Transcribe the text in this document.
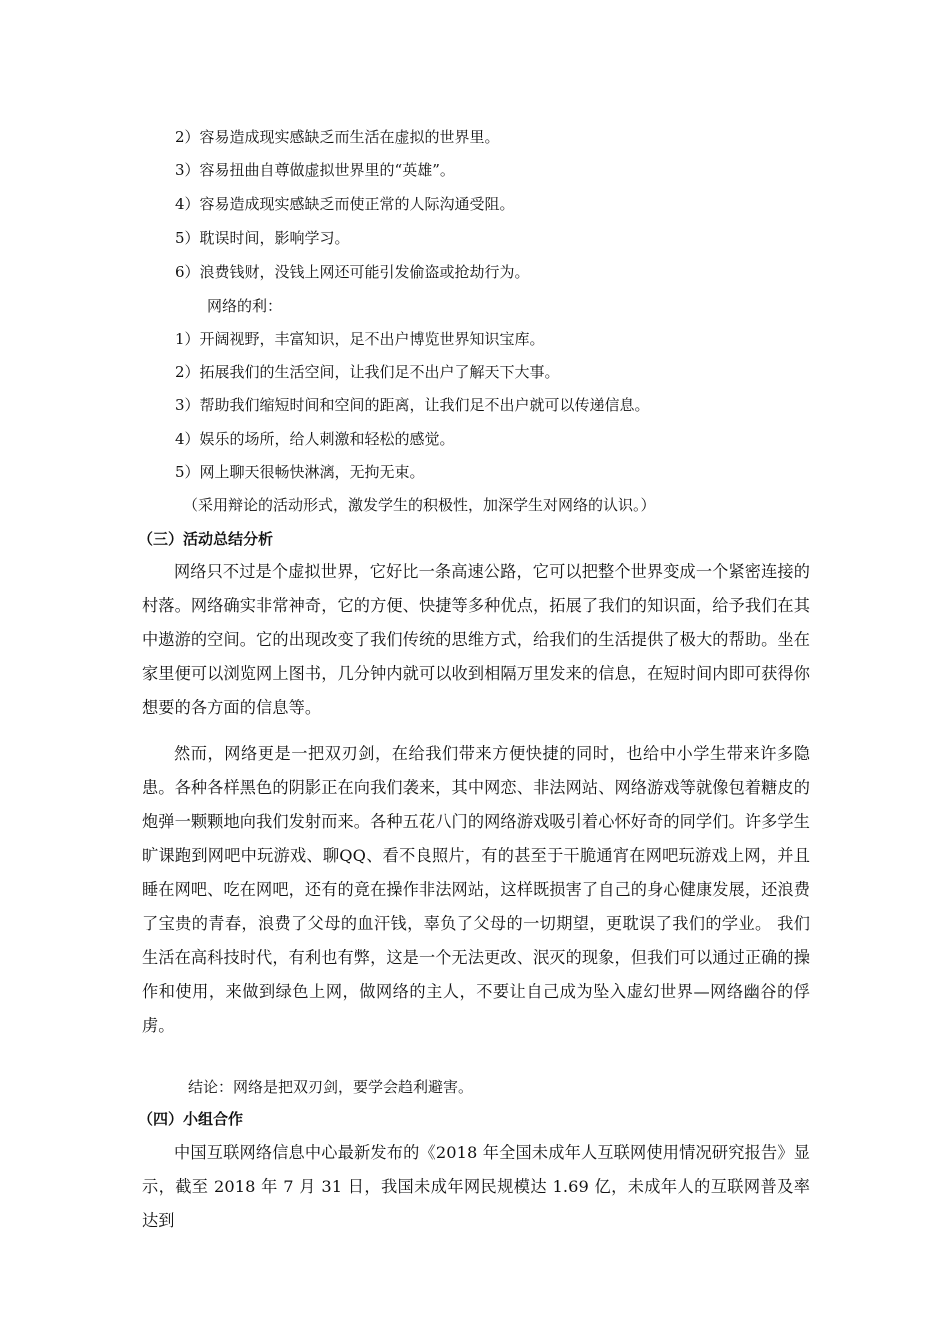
2）容易造成现实感缺乏而生活在虚拟的世界里。
3）容易扭曲自尊做虚拟世界里的“英雄”。
4）容易造成现实感缺乏而使正常的人际沟通受阻。
5）耽误时间，影响学习。
6）浪费钱财，没钱上网还可能引发偷盗或抢劫行为。
网络的利：
1）开阔视野，丰富知识，足不出户博览世界知识宝库。
2）拓展我们的生活空间，让我们足不出户了解天下大事。
3）帮助我们缩短时间和空间的距离，让我们足不出户就可以传递信息。
4）娱乐的场所，给人刺激和轻松的感觉。
5）网上聊天很畅快淋漓，无拘无束。
（采用辩论的活动形式，激发学生的积极性，加深学生对网络的认识。）
（三）活动总结分析
网络只不过是个虚拟世界，它好比一条高速公路，它可以把整个世界变成一个紧密连接的村落。网络确实非常神奇，它的方便、快捷等多种优点，拓展了我们的知识面，给予我们在其中遨游的空间。它的出现改变了我们传统的思维方式，给我们的生活提供了极大的帮助。坐在家里便可以浏览网上图书，几分钟内就可以收到相隔万里发来的信息，在短时间内即可获得你想要的各方面的信息等。
然而，网络更是一把双刃剑，在给我们带来方便快捷的同时，也给中小学生带来许多隐患。各种各样黑色的阴影正在向我们袭来，其中网恋、非法网站、网络游戏等就像包着糖皮的炮弹一颗颗地向我们发射而来。各种五花八门的网络游戏吸引着心怀好奇的同学们。许多学生旷课跑到网吧中玩游戏、聊QQ、看不良照片，有的甚至于干脆通宵在网吧玩游戏上网，并且睡在网吧、吃在网吧，还有的竟在操作非法网站，这样既损害了自己的身心健康发展，还浪费了宝贵的青春，浪费了父母的血汗钱，辜负了父母的一切期望，更耽误了我们的学业。 我们生活在高科技时代，有利也有弊，这是一个无法更改、泯灭的现象，但我们可以通过正确的操作和使用，来做到绿色上网，做网络的主人，不要让自己成为坠入虚幻世界—网络幽谷的俘虏。
结论：网络是把双刃剑，要学会趋利避害。
（四）小组合作
中国互联网络信息中心最新发布的《2018 年全国未成年人互联网使用情况研究报告》显示，截至 2018 年 7 月 31 日，我国未成年网民规模达 1.69 亿，未成年人的互联网普及率达到
